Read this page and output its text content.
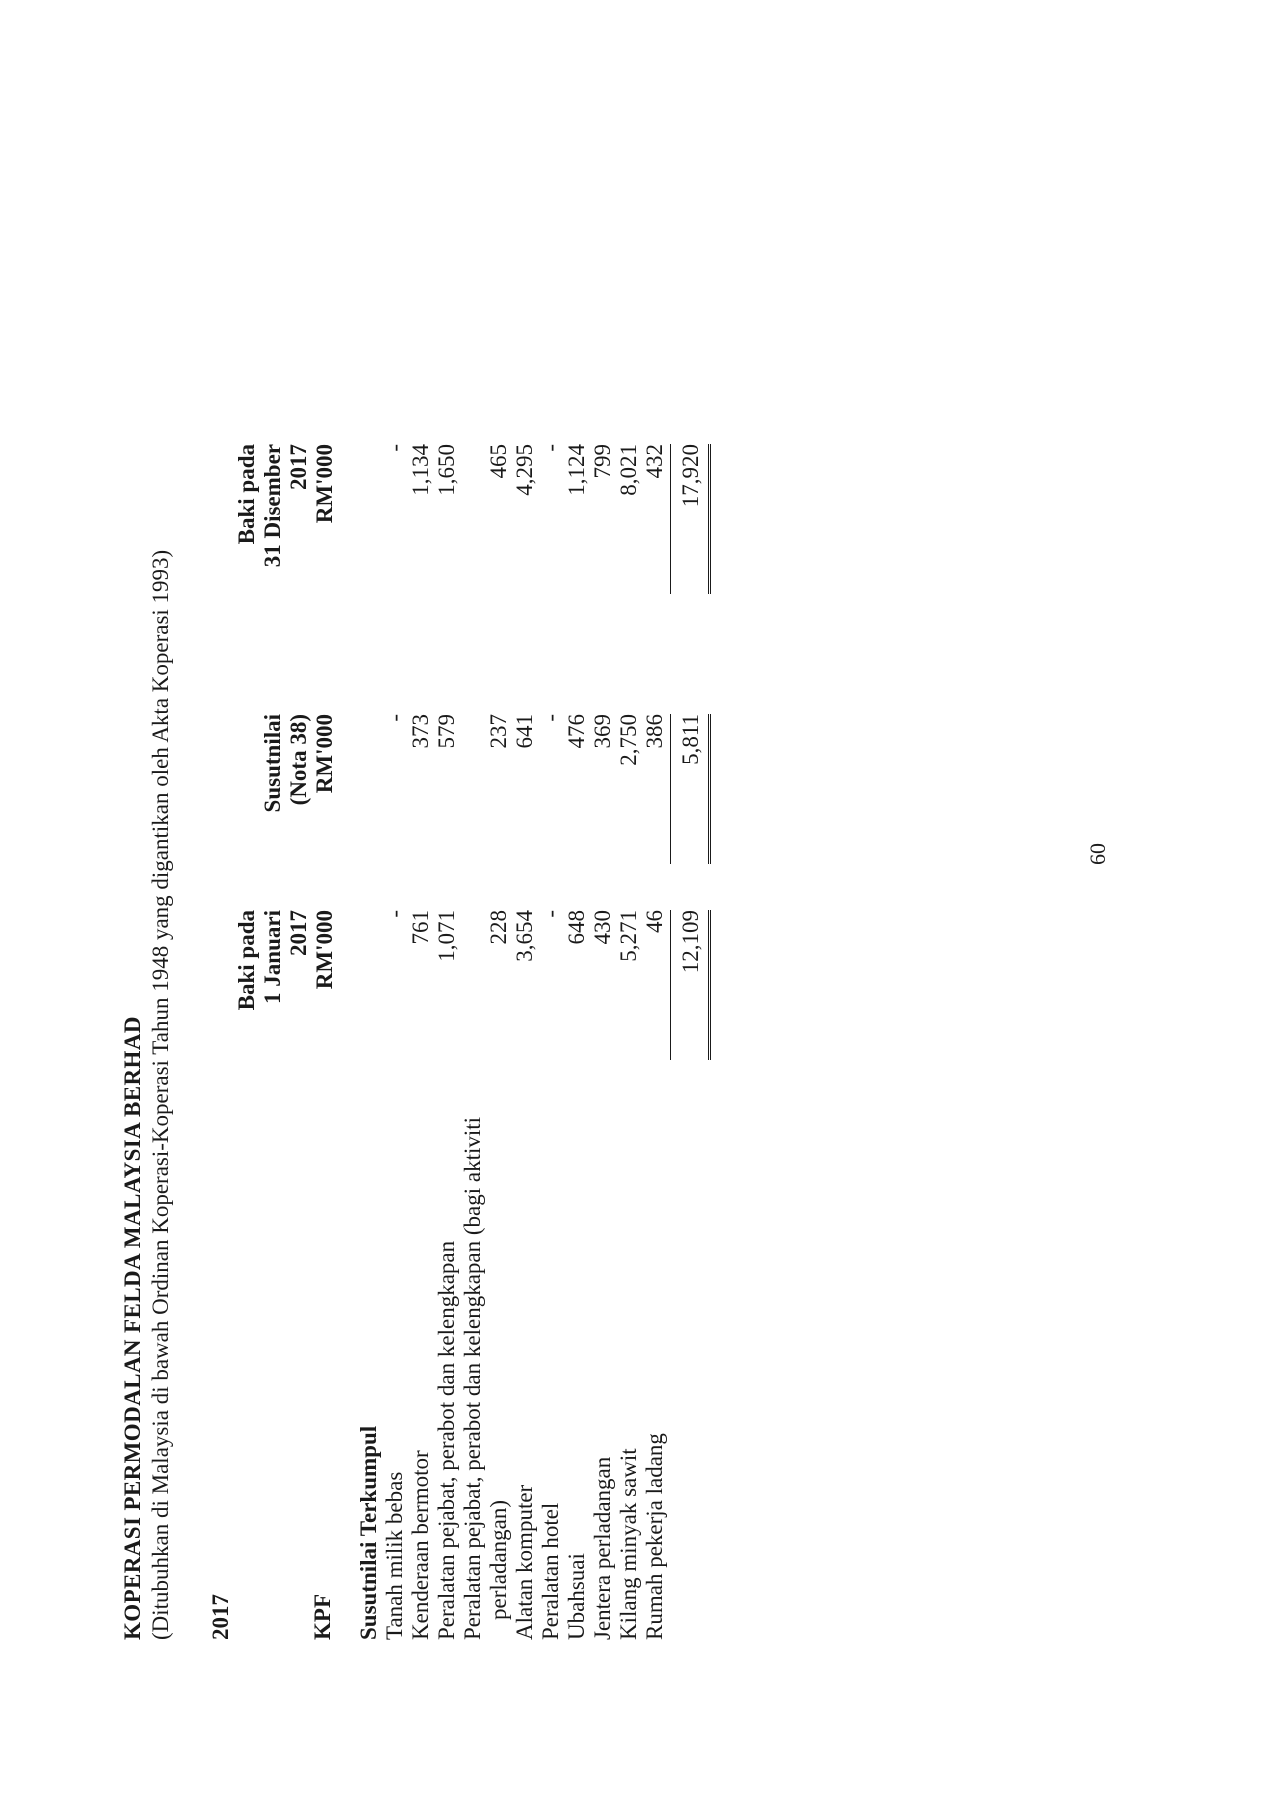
KOPERASI PERMODALAN FELDA MALAYSIA BERHAD (Ditubuhkan di Malaysia di bawah Ordinan Koperasi-Koperasi Tahun 1948 yang digantikan oleh Akta Koperasi 1993) 2017	KPF
Baki pada 1 Januari 2017 RM'000
Susutnilai (Nota 38) RM'000
Baki pada 31 Disember 2017 RM'000
Susutnilai Terkumpul Tanah milik bebas
-
-
-
Kenderaan bermotor
761
373
1,134
Peralatan pejabat, perabot dan kelengkapan
1,071
579
1,650
Peralatan pejabat, perabot dan kelengkapan (bagi aktiviti perladangan)
228
237
465
Alatan komputer
3,654
641
4,295
Peralatan hotel
-
-
-
Ubahsuai
648
476
1,124
Jentera perladangan
430
369
799
Kilang minyak sawit
5,271
2,750
8,021
Rumah pekerja ladang
46
386
432
12,109
5,811
17,920
60
